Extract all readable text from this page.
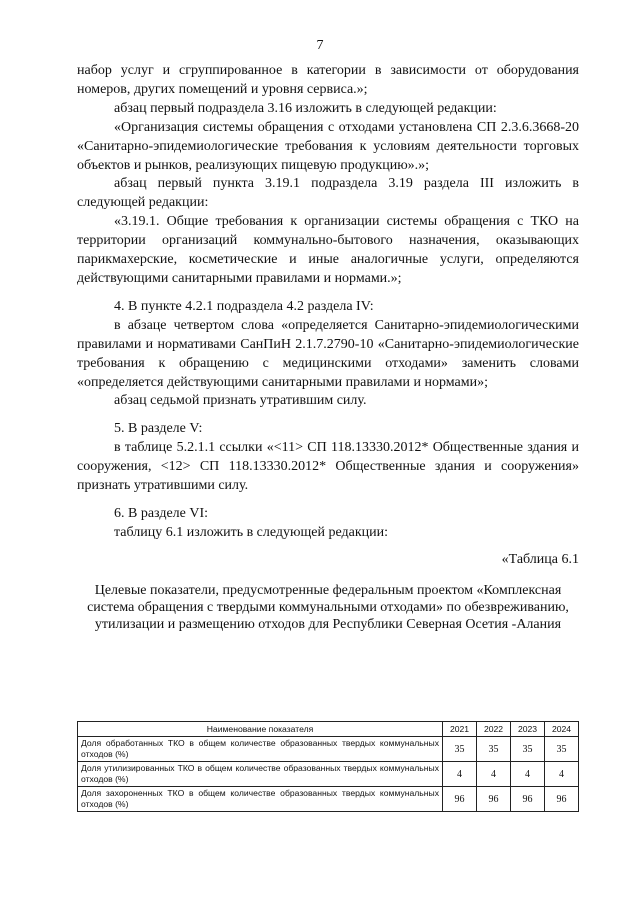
7

набор услуг и сгруппированное в категории в зависимости от оборудования номеров, других помещений и уровня сервиса.»;

абзац первый подраздела 3.16 изложить в следующей редакции:

«Организация системы обращения с отходами установлена СП 2.3.6.3668-20 «Санитарно-эпидемиологические требования к условиям деятельности торговых объектов и рынков, реализующих пищевую продукцию».»;

абзац первый пункта 3.19.1 подраздела 3.19 раздела III изложить в следующей редакции:

«3.19.1. Общие требования к организации системы обращения с ТКО на территории организаций коммунально-бытового назначения, оказывающих парикмахерские, косметические и иные аналогичные услуги, определяются действующими санитарными правилами и нормами.»;

4. В пункте 4.2.1 подраздела 4.2 раздела IV:

в абзаце четвертом слова «определяется Санитарно-эпидемиологическими правилами и нормативами СанПиН 2.1.7.2790-10 «Санитарно-эпидемиологические требования к обращению с медицинскими отходами» заменить словами «определяется действующими санитарными правилами и нормами»;

абзац седьмой признать утратившим силу.

5. В разделе V:

в таблице 5.2.1.1 ссылки «<11> СП 118.13330.2012* Общественные здания и сооружения, <12> СП 118.13330.2012* Общественные здания и сооружения» признать утратившими силу.

6. В разделе VI:

таблицу 6.1 изложить в следующей редакции:

«Таблица 6.1

Целевые показатели, предусмотренные федеральным проектом «Комплексная система обращения с твердыми коммунальными отходами» по обезвреживанию, утилизации и размещению отходов для Республики Северная Осетия -Алания

Наименование показателя	2021	2022	2023	2024
Доля обработанных ТКО в общем количестве образованных твердых коммунальных отходов (%)	35	35	35	35
Доля утилизированных ТКО в общем количестве образованных твердых коммунальных отходов (%)	4	4	4	4
Доля захороненных ТКО в общем количестве образованных твердых коммунальных отходов (%)	96	96	96	96
